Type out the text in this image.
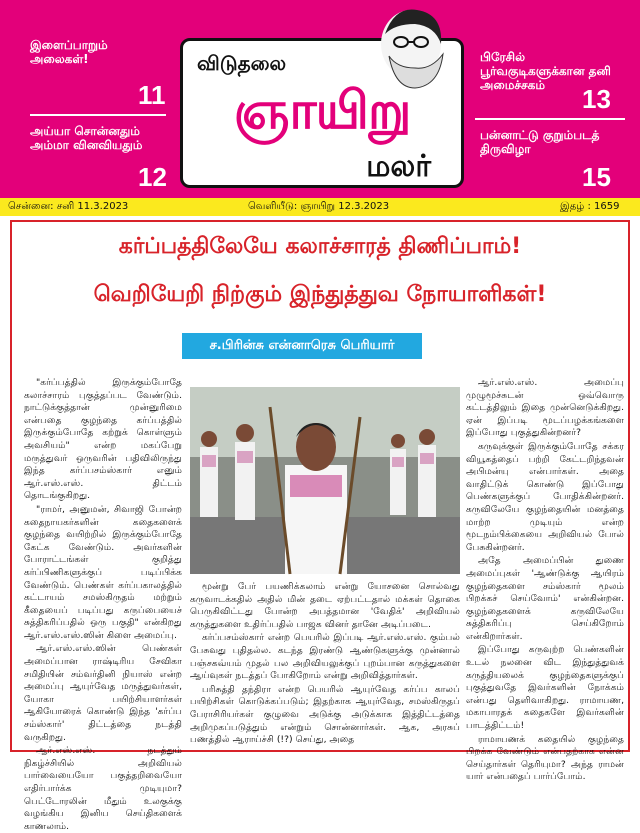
இளைப்பாறும் அலைகள்!
11
அய்யா சொன்னதும் அம்மா வினவியதும்
12
பிரேசில் பூர்வகுடிகளுக்கான தனி அமைச்சகம்	13
பன்னாட்டு குறும்படத் திருவிழா
15
விடுதலை
ஞாயிறு
மலர்
சென்னை: சனி 11.3.2023	வெளியீடு: ஞாயிறு 12.3.2023	இதழ் : 1659
கர்ப்பத்திலேயே கலாச்சாரத் திணிப்பாம்!
வெறியேறி நிற்கும் இந்துத்துவ நோயாளிகள்!
ச.பிரின்சு என்னாரெசு பெரியார்

"கர்ப்பத்தில் இருக்கும்போதே கலாச்சாரம் புகுத்தப்பட வேண்டும். நாட்டுக்குத்தான் முன்னுரிமை என்பதை குழந்தை கர்ப்பத்தில் இருக்கும்போதே கற்றுக் கொள்ளும் அவசியம்" என்ற மகப்பேறு மருத்துவர் ஒருவரின் பதிவிலிருந்து இந்த கர்ப்பசம்ஸ்கார் எனும் ஆர்.எஸ்.எஸ். திட்டம் தொடங்குகிறது.

"ராமர், அனுமன், சிவாஜி போன்ற கதைநாயகர்களின் கதைகளைக் குழந்தை வயிற்றில் இருக்கும்போதே கேட்க வேண்டும். அவர்களின் போராட்டங்கள் குறித்து கர்ப்பிணிகளுக்குப் படிப்பிக்க வேண்டும். பெண்கள் கர்ப்பகாலத்தில் கட்டாயம் சமஸ்கிருதம் மற்றும் கீதையைப் படிப்பது கருப்பையைச் சுத்திகரிப்பதில் ஒரு பகுதி" என்கிறது ஆர்.எஸ்.எஸ்.ஸின் கிளை அமைப்பு.

ஆர்.எஸ்.எஸ்.ஸின் பெண்கள் அமைப்பான ராஷ்டிரிய சேவிகா சமிதியின் சம்வர்தினி நியாஸ் என்ற அமைப்பு ஆயுர்வேத மருத்துவர்கள், யோகா பயிற்சியாளர்கள் ஆகியோரைக் கொண்டு இந்த 'கர்ப்ப சம்ஸ்கார்' திட்டத்தை நடத்தி வருகிறது.

ஆர்.எஸ்.எஸ். நடத்தும் நிகழ்ச்சியில் அறிவியல் பார்வையையோ பகுத்தறிவையோ எதிர்பார்க்க முடியுமா? பெட்டோரலின் மீதும் உலகுக்கு வழங்கிய இனிய செய்திகளைக் காணலாம்.

மூன்று பேர் பயணிக்கலாம் என்று யோசனை சொல்வது கருவாடக்கதில் அதில் மின் தடை ஏற்பட்டதால் மக்கள் தொகை பெருகிவிட்டது போன்ற அபத்தமான 'வேதிக்' அறிவியல் கருத்துகளை உதிர்ப்பதில் பாஜக வினர் தானே அடிப்படை.

கர்ப்பசம்ஸ்கார் என்ற பெயரில் இப்படி ஆர்.எஸ்.எஸ். கும்பல் பேசுவது புதிதல்ல. கடந்த இரண்டு ஆண்டுகளுக்கு முன்னால் பஞ்சகவ்யம் முதல் பல அறிவியலுக்குப் புறம்பான கருத்துகளை ஆய்வுகள் நடத்தப் போகிறோம் என்று அறிவித்தார்கள்.

பரிசுத்தி தந்திரா என்ற பெயரில் ஆயுர்வேத கர்ப்ப காலப் பயிற்சிகள் கொடுக்கப்படும்; இதற்காக ஆயுர்வேத, சமஸ்கிருதப் பேராசிரியர்கள் குழுவை அடுக்கு அடுக்காக இத்திட்டத்தை அறிமுகப்படுத்தும் என்றும் சொன்னார்கள். ஆக, அரசுப் பணத்தில் ஆராய்ச்சி (!?) செய்து, அதை

ஆர்.எஸ்.எஸ். அமைப்பு முழுமூச்சுடன் ஒவ்வொரு கட்டத்திலும் இதை முன்னெடுக்கிறது. ஏன் இப்படி மூடப்பழக்கங்களை இப்போது புகுத்துகின்றனர்?

கருவுக்குள் இருக்கும்போதே சக்கர வியூகத்தைப் பற்றி கேட்டறிந்தவன் அபிமன்யு என்பார்கள். அதை வாதிட்டுக் கொண்டு இப்போது பெண்களுக்குப் போதிக்கின்றனர். கருவிலேயே குழந்தையின் மனத்தை மாற்ற முடியும் என்ற மூடநம்பிக்கையை அறிவியல் போல் பேசுகின்றனர்.

அதே அமைப்பின் துணை அமைப்புகள் 'ஆண்டுக்கு ஆயிரம் குழந்தைகளை சம்ஸ்கார் மூலம் பிறக்கச் செய்வோம்' என்கின்றன. குழந்தைகளைக் கருவிலேயே சுத்திகரிப்பு செய்கிறோம் என்கிறார்கள்.

இப்போது கருவுற்ற பெண்களின் உடல் நலனை விட இந்துத்துவக் கருத்தியலைக் குழந்தைகளுக்குப் புகுத்துவதே இவர்களின் நோக்கம் என்பது தெளிவாகிறது. ராமாயண, மகாபாரதக் கதைகளே இவர்களின் பாடத்திட்டம்!

ராமாயணக் கதையில் குழந்தை பிறக்க வேண்டும் என்பதற்காக என்ன செய்தார்கள் தெரியுமா? அந்த ராமன் யார் என்பதைப் பார்ப்போம்.
